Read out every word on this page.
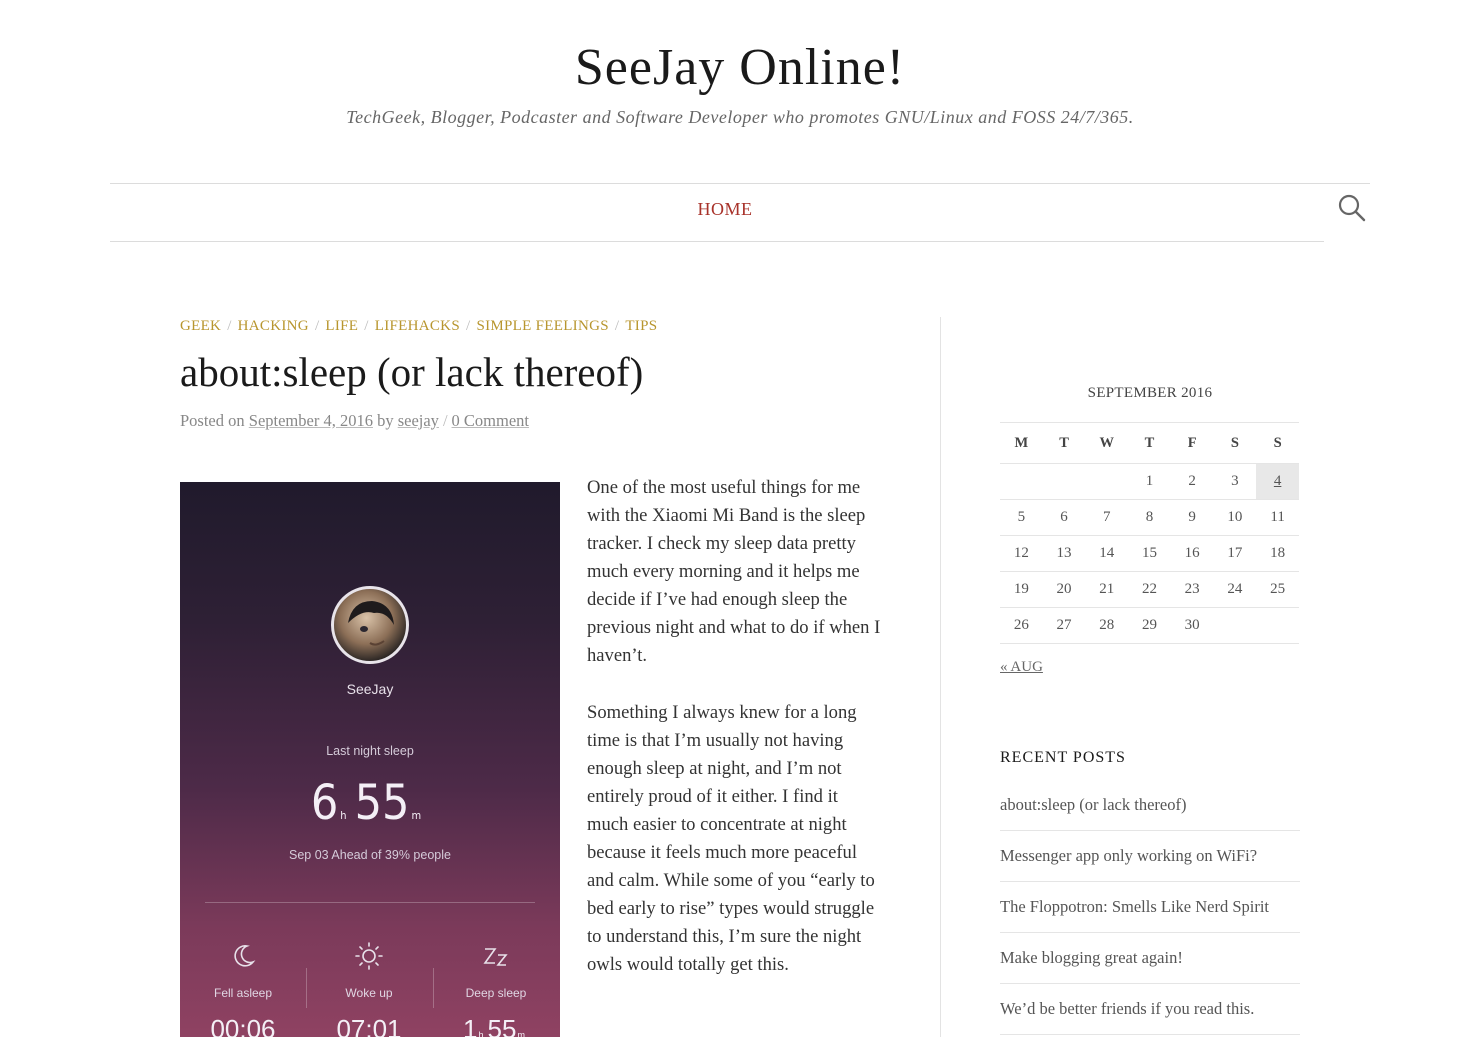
SeeJay Online!
TechGeek, Blogger, Podcaster and Software Developer who promotes GNU/Linux and FOSS 24/7/365.
HOME
GEEK / HACKING / LIFE / LIFEHACKS / SIMPLE FEELINGS / TIPS
about:sleep (or lack thereof)
Posted on September 4, 2016 by seejay / 0 Comment
SeeJay
Last night sleep
6 h 55 m
Sep 03 Ahead of 39% people
Fell asleep
00:06
Woke up
07:01
Deep sleep
1h 55m

One of the most useful things for me with the Xiaomi Mi Band is the sleep tracker. I check my sleep data pretty much every morning and it helps me decide if I’ve had enough sleep the previous night and what to do if when I haven’t.

Something I always knew for a long time is that I’m usually not having enough sleep at night, and I’m not entirely proud of it either. I find it much easier to concentrate at night because it feels much more peaceful and calm. While some of you “early to bed early to rise” types would struggle to understand this, I’m sure the night owls would totally get this.

SEPTEMBER 2016
M	T	W	T	F	S	S
			1	2	3	4
5	6	7	8	9	10	11
12	13	14	15	16	17	18
19	20	21	22	23	24	25
26	27	28	29	30		
« AUG
RECENT POSTS
about:sleep (or lack thereof)
Messenger app only working on WiFi?
The Floppotron: Smells Like Nerd Spirit
Make blogging great again!
We’d be better friends if you read this.
